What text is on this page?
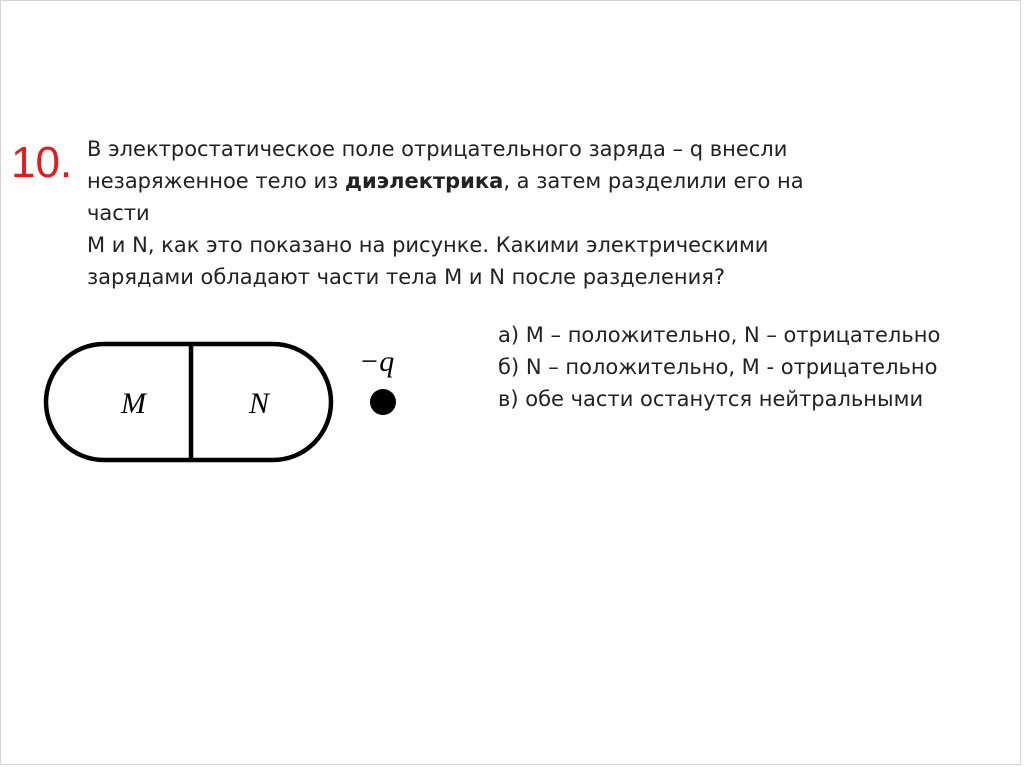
10. В электростатическое поле отрицательного заряда – q внесли
незаряженное тело из диэлектрика, а затем разделили его на части
M и N, как это показано на рисунке. Какими электрическими
зарядами обладают части тела M и N после разделения?
M	N
−q
а) M – положительно, N – отрицательно
б) N – положительно, M - отрицательно
в) обе части останутся нейтральными
